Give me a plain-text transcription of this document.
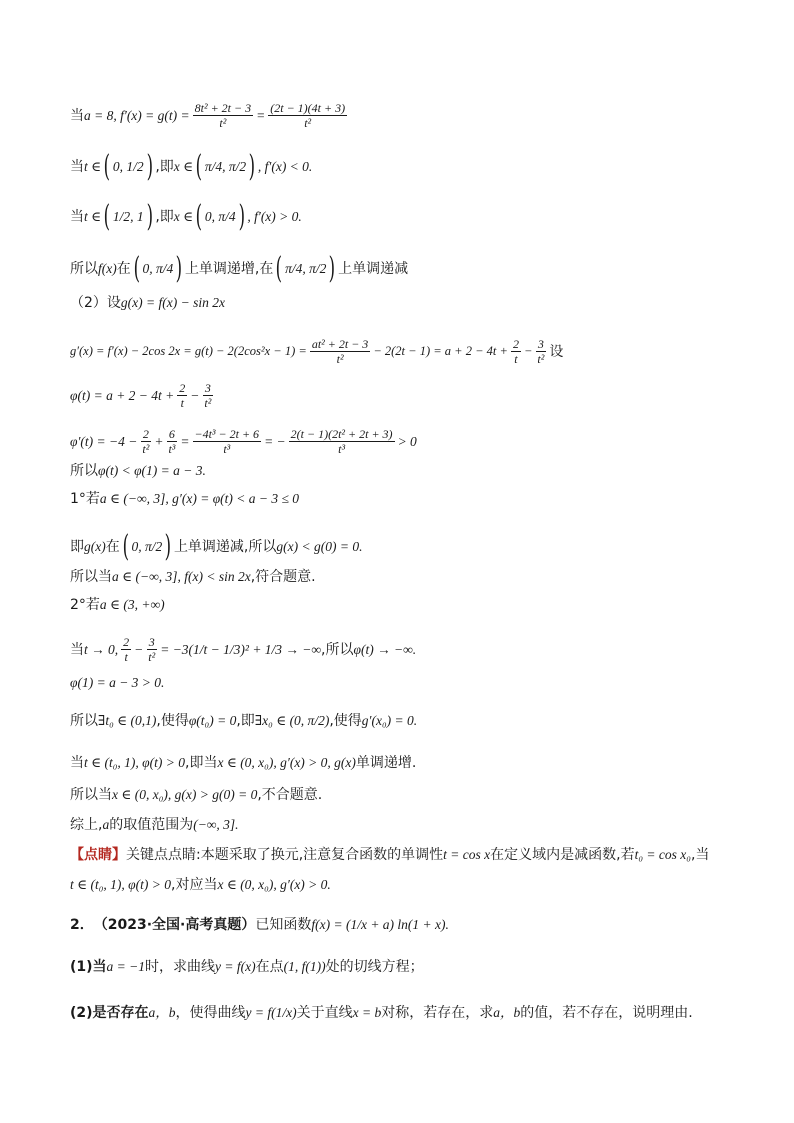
当 a = 8, $f'(x) = g(t) = \frac{\text{8t² + 2t − 3}}{\text{t²}} = \frac{(2t - 1)(4t + 3)}{\text{t²}}$
当 t ∈ ( 0, 1/2 ) ,即 x ∈ ( π/4, π/2 ) , f′(x) < 0.
当 t ∈ ( 1/2, 1 ) ,即 x ∈ ( 0, π/4 ) , f′(x) > 0.
所以 f(x) 在 ( 0, π/4 ) 上单调递增,在 ( π/4, π/2 ) 上单调递减
（2）设 g(x) = f(x) − sin 2x
g′(x) = f′(x) − 2cos $2x = g(t) - 2(2\cos^2x - 1) = \frac{\text{at² + 2t − 3}}{\text{t²}} - 2(2t - 1) = a + 2 - 4t + \frac{2}{t} - \frac{3}{\text{t²}}$ 设
$\varphi(t) = a + 2 - 4t + \frac{2}{t} - \frac{3}{\text{t²}}$
$\varphi'(t) = -4 - \frac{2}{\text{t²}} + \frac{6}{\text{t³}} = \frac{\text{−4t³ − 2t + 6}}{\text{t³}}$ = − $\frac{\text{2(t − 1)(2t² + 2t + 3)}}{\text{t³}} > 0$
所以 φ(t) < φ(1) = a − 3.
1°若 a ∈ (−∞, 3], g′(x) = φ(t) < a − 3 ≤ 0
即 g(x) 在 ( 0, π/2 ) 上单调递减,所以 g(x) < g(0) = 0.
所以当 a ∈ (−∞, 3], f(x) < sin 2x ,符合题意.
2°若 a ∈ (3, +∞)
当 t → 0, $\frac{2}{t} - \frac{3}{\text{t²}} = -3(1/t - 1/3)^2 + 1/3$ → −∞ ,所以 φ(t) → −∞.
φ(1) = a − 3 > 0.
所以 ∃t₀ ∈ (0,1) ,使得 φ(t₀) = 0 ,即 ∃x₀ ∈ (0, π/2) ,使得 g′(x₀) = 0.
当 t ∈ (t₀, 1), φ(t) > 0 ,即当 x ∈ (0, x₀), g′(x) > 0, g(x) 单调递增.
所以当 x ∈ (0, x₀), g(x) > g(0) = 0 ,不合题意.
综上, a 的取值范围为 (−∞, 3].
【点睛】 关键点点睛:本题采取了换元,注意复合函数的单调性 t = cos x 在定义域内是减函数,若 t₀ = cos x₀ ,当
t ∈ (t₀, 1), φ(t) > 0 ,对应当 x ∈ (0, x₀), g′(x) > 0.
2． （2023·全国·高考真题） 已知函数 f(x) = (1/x + a) ln(1 + x).
(1)当 a = −1 时，求曲线 y = f(x) 在点 (1, f(1)) 处的切线方程；
(2)是否存在 a，b ，使得曲线 y = f(1/x) 关于直线 x = b 对称，若存在，求 a，b 的值，若不存在，说明理由.
